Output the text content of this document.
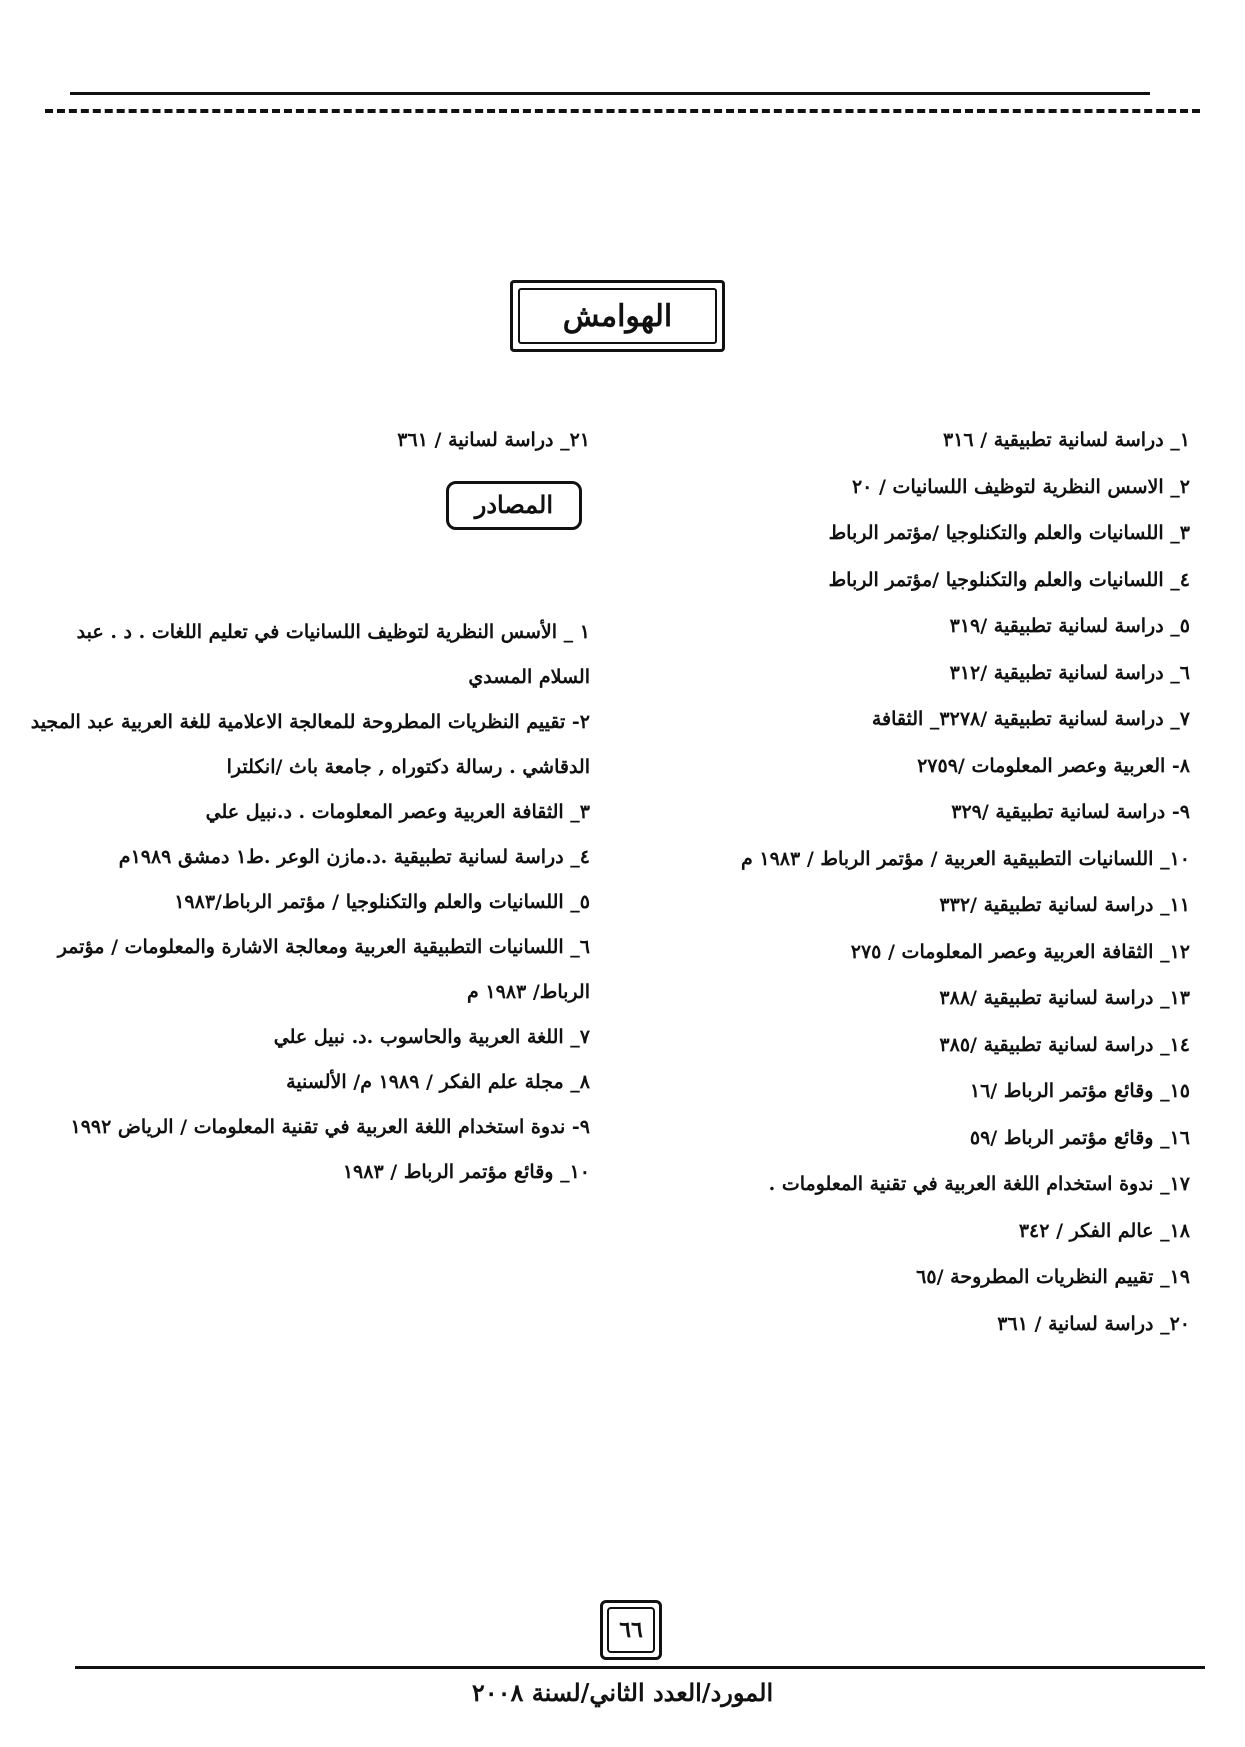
الهوامش
١_ دراسة لسانية تطبيقية / ٣١٦
٢_ الاسس النظرية لتوظيف اللسانيات / ٢٠
٣_ اللسانيات والعلم والتكنلوجيا /مؤتمر الرباط
٤_ اللسانيات والعلم والتكنلوجيا /مؤتمر الرباط
٥_ دراسة لسانية تطبيقية /٣١٩
٦_ دراسة لسانية تطبيقية /٣١٢
٧_ دراسة لسانية تطبيقية /٣٢٧٨_ الثقافة
٨- العربية وعصر المعلومات /٢٧٥٩
٩- دراسة لسانية تطبيقية /٣٢٩
١٠_ اللسانيات التطبيقية العربية / مؤتمر الرباط / ١٩٨٣ م
١١_ دراسة لسانية تطبيقية /٣٣٢
١٢_ الثقافة العربية وعصر المعلومات / ٢٧٥
١٣_ دراسة لسانية تطبيقية /٣٨٨
١٤_ دراسة لسانية تطبيقية /٣٨٥
١٥_ وقائع مؤتمر الرباط /١٦
١٦_ وقائع مؤتمر الرباط /٥٩
١٧_ ندوة استخدام اللغة العربية في تقنية المعلومات .
١٨_ عالم الفكر / ٣٤٢
١٩_ تقييم النظريات المطروحة /٦٥
٢٠_ دراسة لسانية / ٣٦١
٢١_ دراسة لسانية / ٣٦١
المصادر
١ _ الأسس النظرية لتوظيف اللسانيات في تعليم اللغات . د . عبد السلام المسدي
٢- تقييم النظريات المطروحة للمعالجة الاعلامية للغة العربية عبد المجيد الدقاشي . رسالة دكتوراه , جامعة باث /انكلترا
٣_ الثقافة العربية وعصر المعلومات . د.نبيل علي
٤_ دراسة لسانية تطبيقية .د.مازن الوعر .ط١ دمشق ١٩٨٩م
٥_ اللسانيات والعلم والتكنلوجيا / مؤتمر الرباط/١٩٨٣
٦_ اللسانيات التطبيقية العربية ومعالجة الاشارة والمعلومات / مؤتمر الرباط/ ١٩٨٣ م
٧_ اللغة العربية والحاسوب .د. نبيل علي
٨_ مجلة علم الفكر / ١٩٨٩ م/ الألسنية
٩- ندوة استخدام اللغة العربية في تقنية المعلومات / الرياض ١٩٩٢
١٠_ وقائع مؤتمر الرباط / ١٩٨٣
٦٦
المورد/العدد الثاني/لسنة ٢٠٠٨
